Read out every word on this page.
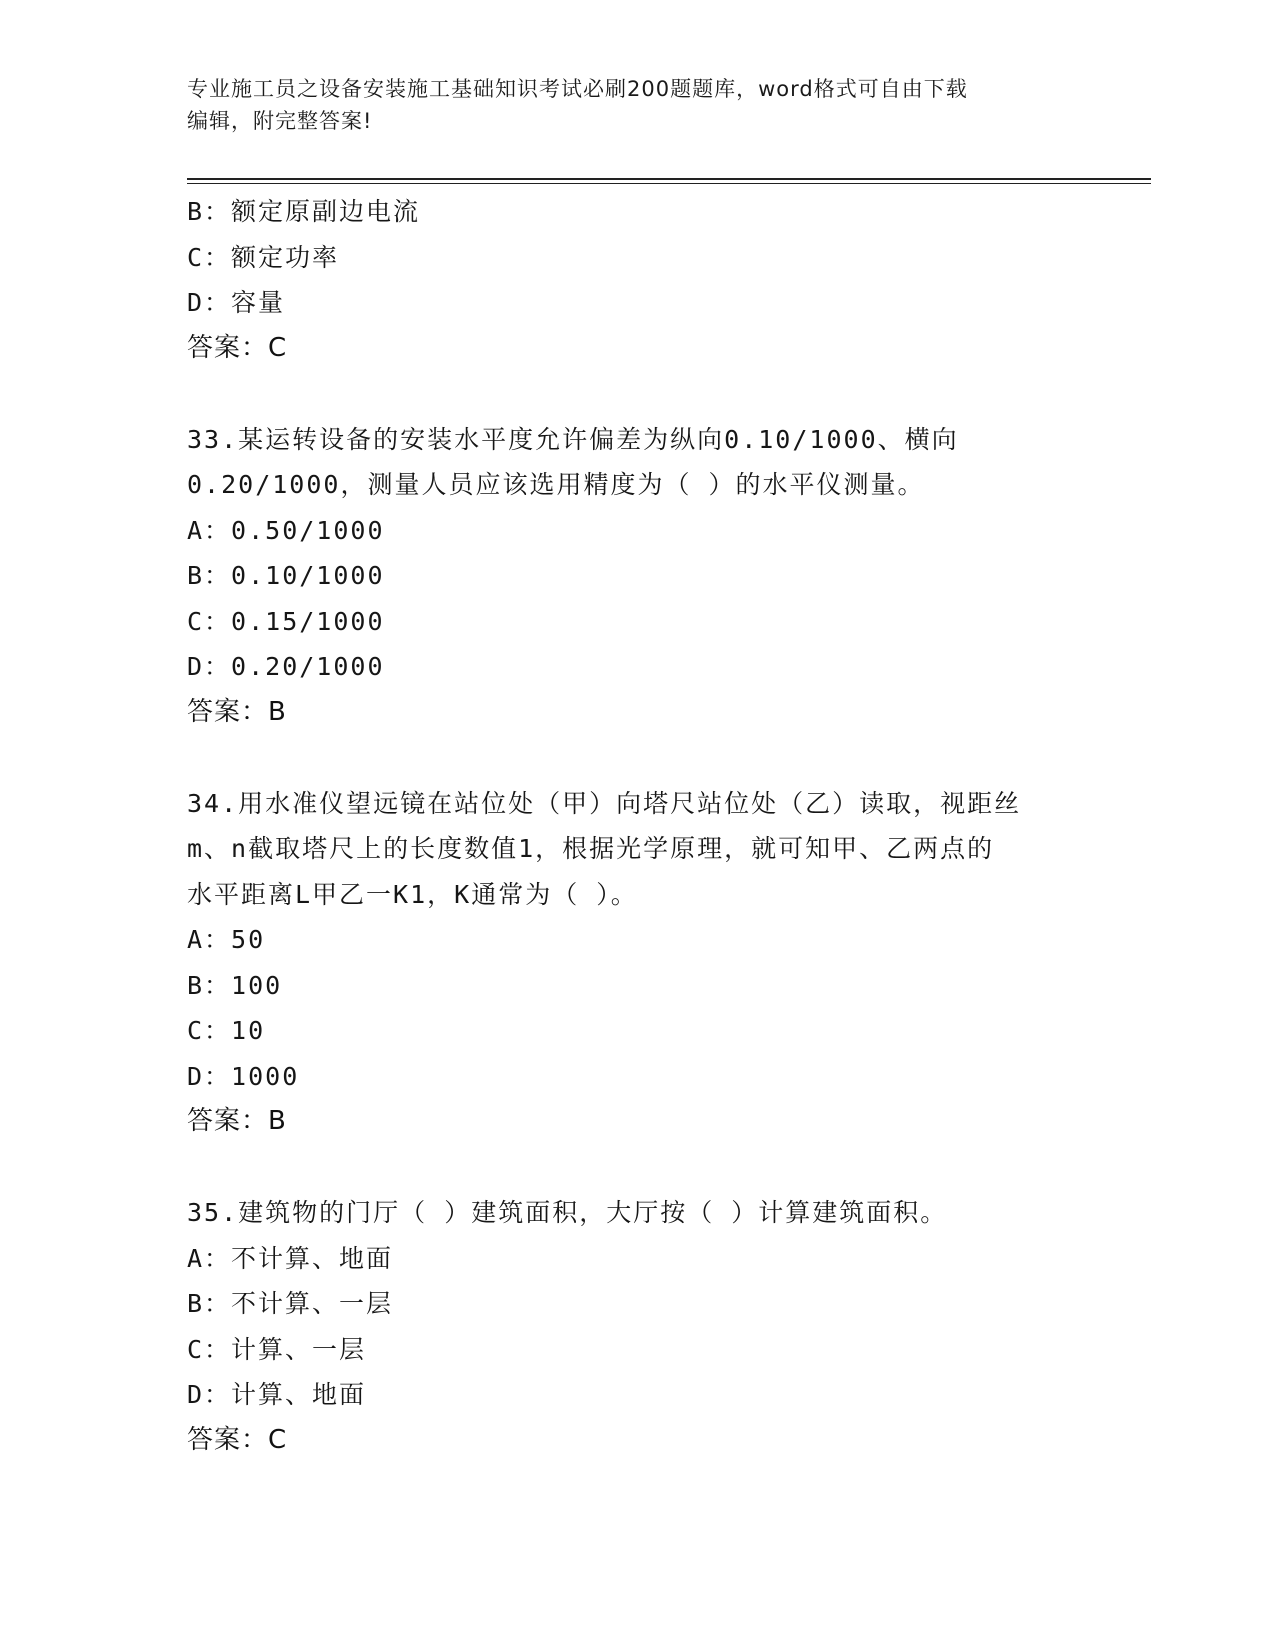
专业施工员之设备安装施工基础知识考试必刷200题题库，word格式可自由下载
编辑，附完整答案!
B：额定原副边电流
C：额定功率
D：容量
答案：C
33.某运转设备的安装水平度允许偏差为纵向0.10/1000、横向
0.20/1000，测量人员应该选用精度为（ ）的水平仪测量。
A：0.50/1000
B：0.10/1000
C：0.15/1000
D：0.20/1000
答案：B
34.用水准仪望远镜在站位处（甲）向塔尺站位处（乙）读取，视距丝
m、n截取塔尺上的长度数值1，根据光学原理，就可知甲、乙两点的
水平距离L甲乙一K1，K通常为（ ）。
A：50
B：100
C：10
D：1000
答案：B
35.建筑物的门厅（ ）建筑面积，大厅按（ ）计算建筑面积。
A：不计算、地面
B：不计算、一层
C：计算、一层
D：计算、地面
答案：C
